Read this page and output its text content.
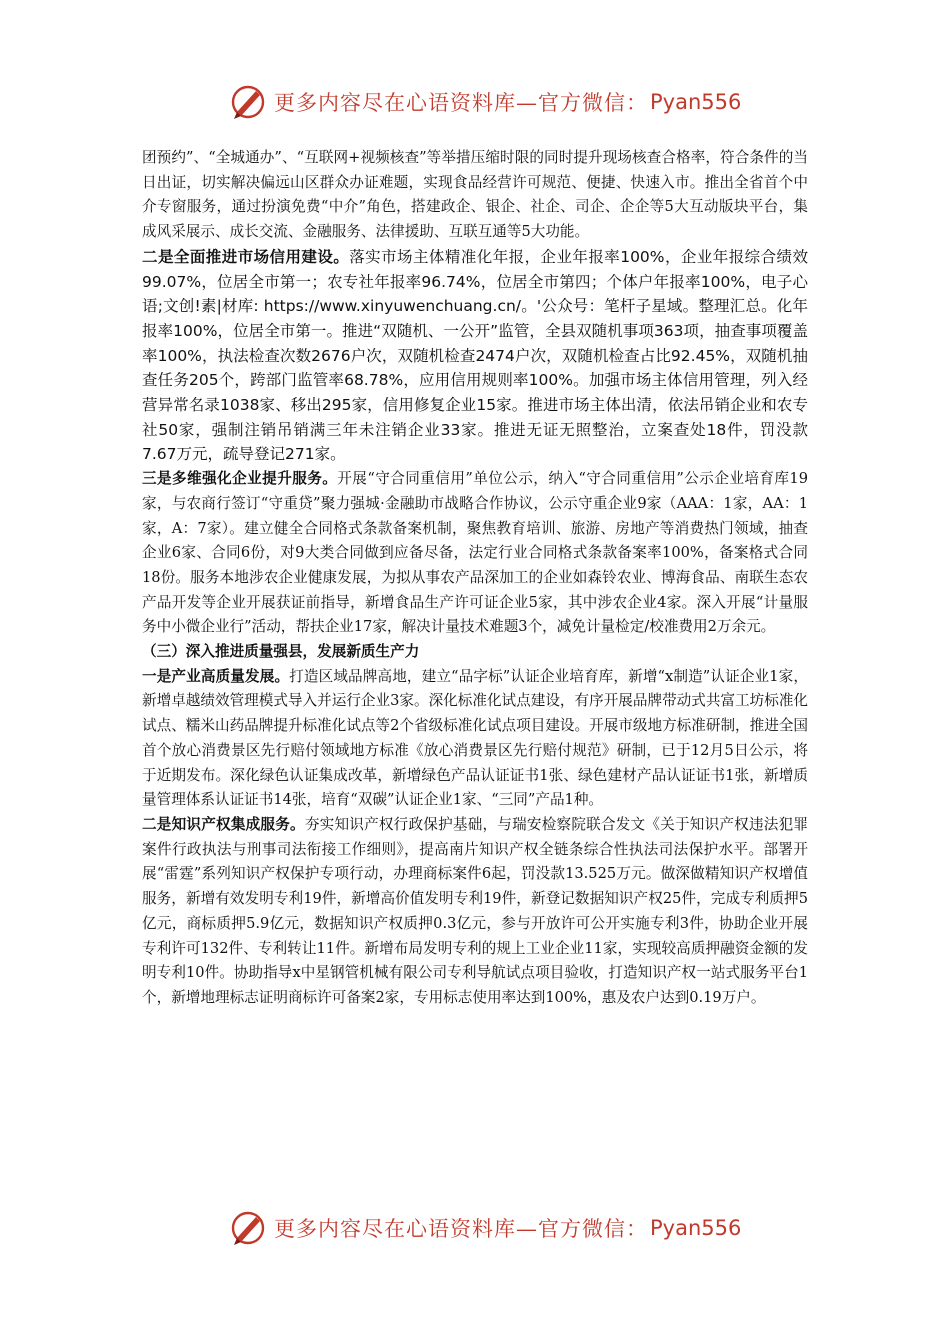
更多内容尽在心语资料库—官方微信： Pyan556

团预约”、“全城通办”、“互联网+视频核查”等举措压缩时限的同时提升现场核查合格率，符合条件的当日出证，切实解决偏远山区群众办证难题，实现食品经营许可规范、便捷、快速入市。推出全省首个中介专窗服务，通过扮演免费“中介”角色，搭建政企、银企、社企、司企、企企等5大互动版块平台，集成风采展示、成长交流、金融服务、法律援助、互联互通等5大功能。

二是全面推进市场信用建设。落实市场主体精准化年报，企业年报率100%，企业年报综合绩效99.07%，位居全市第一；农专社年报率96.74%，位居全市第四；个体户年报率100%，电子心语;文创!素|材库: https://www.xinyuwenchuang.cn/。'公众号：笔杆子星域。整理汇总。化年报率100%，位居全市第一。推进“双随机、一公开”监管，全县双随机事项363项，抽查事项覆盖率100%，执法检查次数2676户次，双随机检查2474户次，双随机检查占比92.45%，双随机抽查任务205个，跨部门监管率68.78%，应用信用规则率100%。加强市场主体信用管理，列入经营异常名录1038家、移出295家，信用修复企业15家。推进市场主体出清，依法吊销企业和农专社50家，强制注销吊销满三年未注销企业33家。推进无证无照整治，立案查处18件，罚没款7.67万元，疏导登记271家。

三是多维强化企业提升服务。开展“守合同重信用”单位公示，纳入“守合同重信用”公示企业培育库19家，与农商行签订“守重贷”聚力强城·金融助市战略合作协议，公示守重企业9家（AAA：1家，AA：1家，A：7家）。建立健全合同格式条款备案机制，聚焦教育培训、旅游、房地产等消费热门领域，抽查企业6家、合同6份，对9大类合同做到应备尽备，法定行业合同格式条款备案率100%，备案格式合同18份。服务本地涉农企业健康发展，为拟从事农产品深加工的企业如森铃农业、博海食品、南联生态农产品开发等企业开展获证前指导，新增食品生产许可证企业5家，其中涉农企业4家。深入开展“计量服务中小微企业行”活动，帮扶企业17家，解决计量技术难题3个，减免计量检定/校准费用2万余元。

（三）深入推进质量强县，发展新质生产力

一是产业高质量发展。打造区域品牌高地，建立“品字标”认证企业培育库，新增“x制造”认证企业1家，新增卓越绩效管理模式导入并运行企业3家。深化标准化试点建设，有序开展品牌带动式共富工坊标准化试点、糯米山药品牌提升标准化试点等2个省级标准化试点项目建设。开展市级地方标准研制，推进全国首个放心消费景区先行赔付领域地方标准《放心消费景区先行赔付规范》研制，已于12月5日公示，将于近期发布。深化绿色认证集成改革，新增绿色产品认证证书1张、绿色建材产品认证证书1张，新增质量管理体系认证证书14张，培育“双碳”认证企业1家、“三同”产品1种。

二是知识产权集成服务。夯实知识产权行政保护基础，与瑞安检察院联合发文《关于知识产权违法犯罪案件行政执法与刑事司法衔接工作细则》，提高南片知识产权全链条综合性执法司法保护水平。部署开展“雷霆”系列知识产权保护专项行动，办理商标案件6起，罚没款13.525万元。做深做精知识产权增值服务，新增有效发明专利19件，新增高价值发明专利19件，新登记数据知识产权25件，完成专利质押5亿元，商标质押5.9亿元，数据知识产权质押0.3亿元，参与开放许可公开实施专利3件，协助企业开展专利许可132件、专利转让11件。新增布局发明专利的规上工业企业11家，实现较高质押融资金额的发明专利10件。协助指导x中星钢管机械有限公司专利导航试点项目验收，打造知识产权一站式服务平台1个，新增地理标志证明商标许可备案2家，专用标志使用率达到100%，惠及农户达到0.19万户。

更多内容尽在心语资料库—官方微信： Pyan556
